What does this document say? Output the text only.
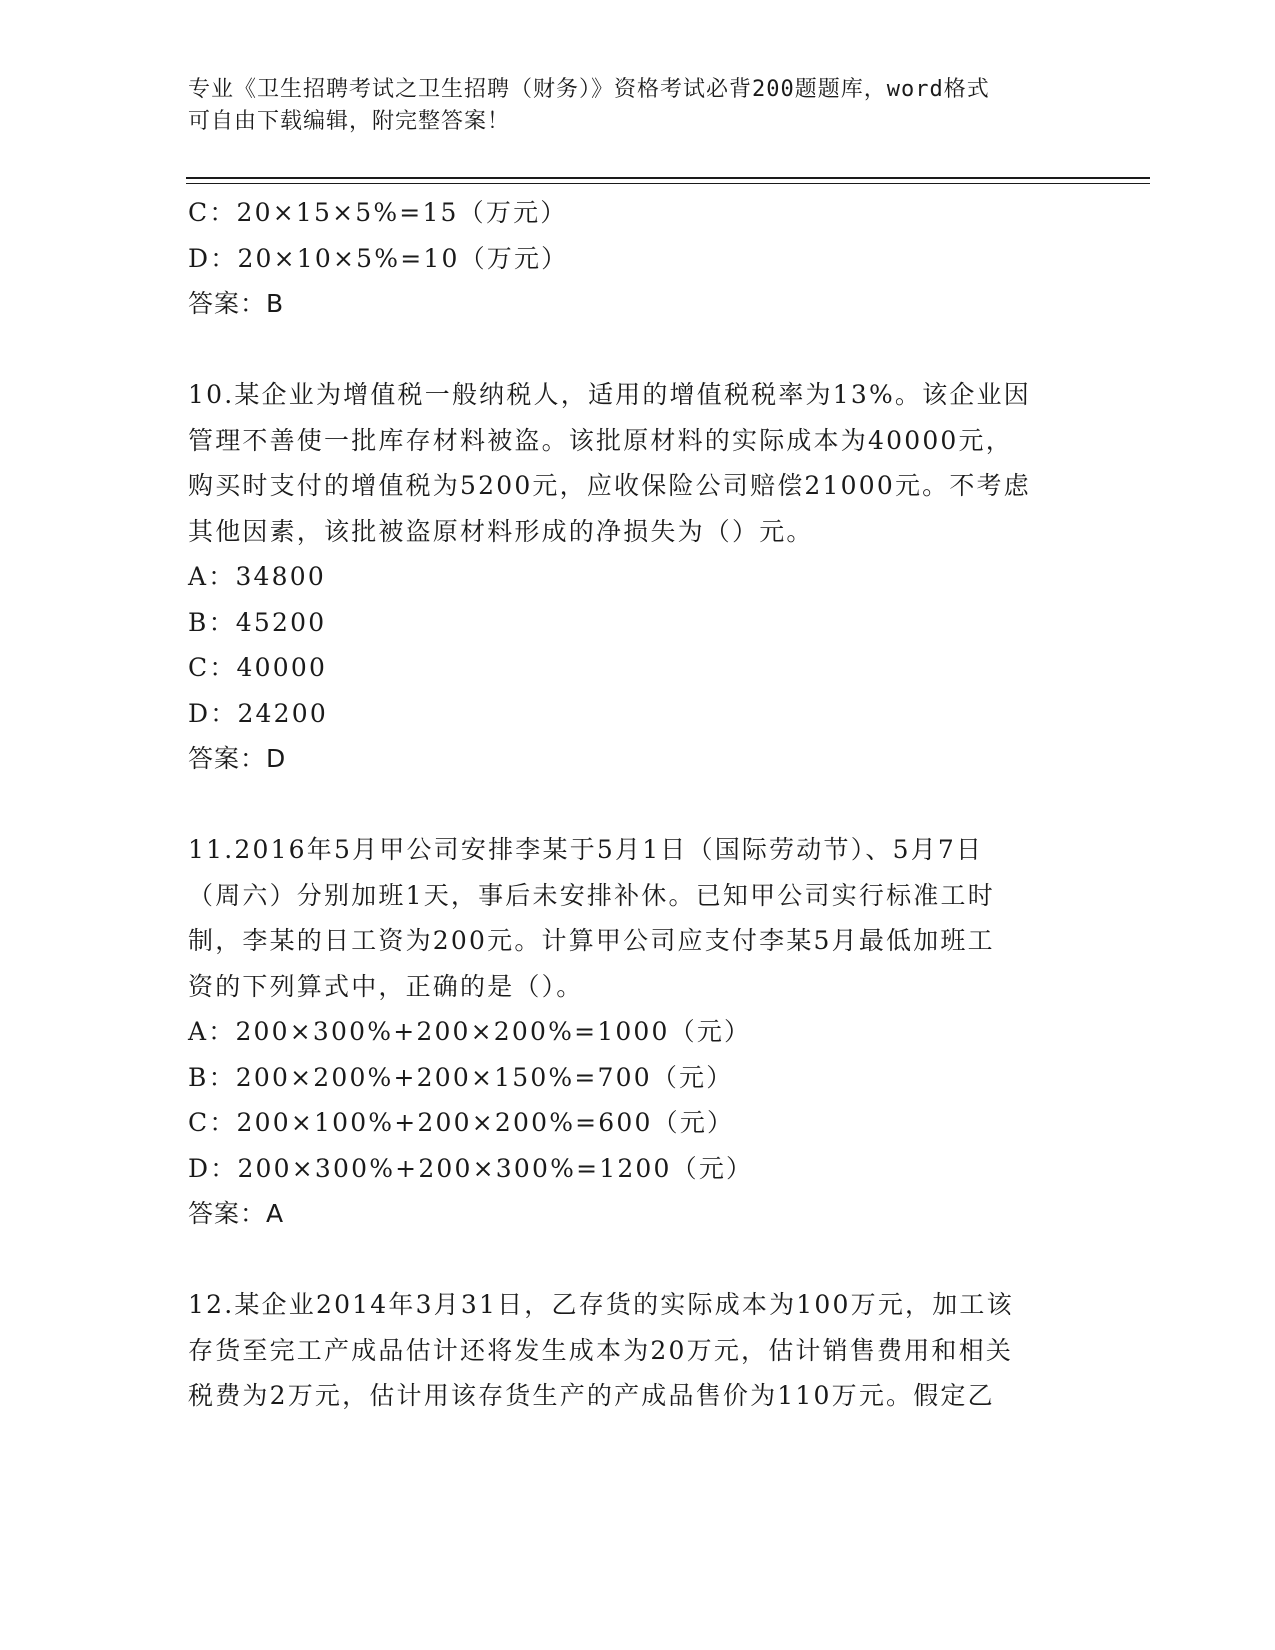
专业《卫生招聘考试之卫生招聘（财务）》资格考试必背200题题库，word格式
可自由下载编辑，附完整答案！
C：20×15×5%=15（万元）
D：20×10×5%=10（万元）
答案：B
10.某企业为增值税一般纳税人，适用的增值税税率为13%。该企业因
管理不善使一批库存材料被盗。该批原材料的实际成本为40000元，
购买时支付的增值税为5200元，应收保险公司赔偿21000元。不考虑
其他因素，该批被盗原材料形成的净损失为（）元。
A：34800
B：45200
C：40000
D：24200
答案：D
11.2016年5月甲公司安排李某于5月1日（国际劳动节）、5月7日
（周六）分别加班1天，事后未安排补休。已知甲公司实行标准工时
制，李某的日工资为200元。计算甲公司应支付李某5月最低加班工
资的下列算式中，正确的是（）。
A：200×300%+200×200%=1000（元）
B：200×200%+200×150%=700（元）
C：200×100%+200×200%=600（元）
D：200×300%+200×300%=1200（元）
答案：A
12.某企业2014年3月31日，乙存货的实际成本为100万元，加工该
存货至完工产成品估计还将发生成本为20万元，估计销售费用和相关
税费为2万元，估计用该存货生产的产成品售价为110万元。假定乙
